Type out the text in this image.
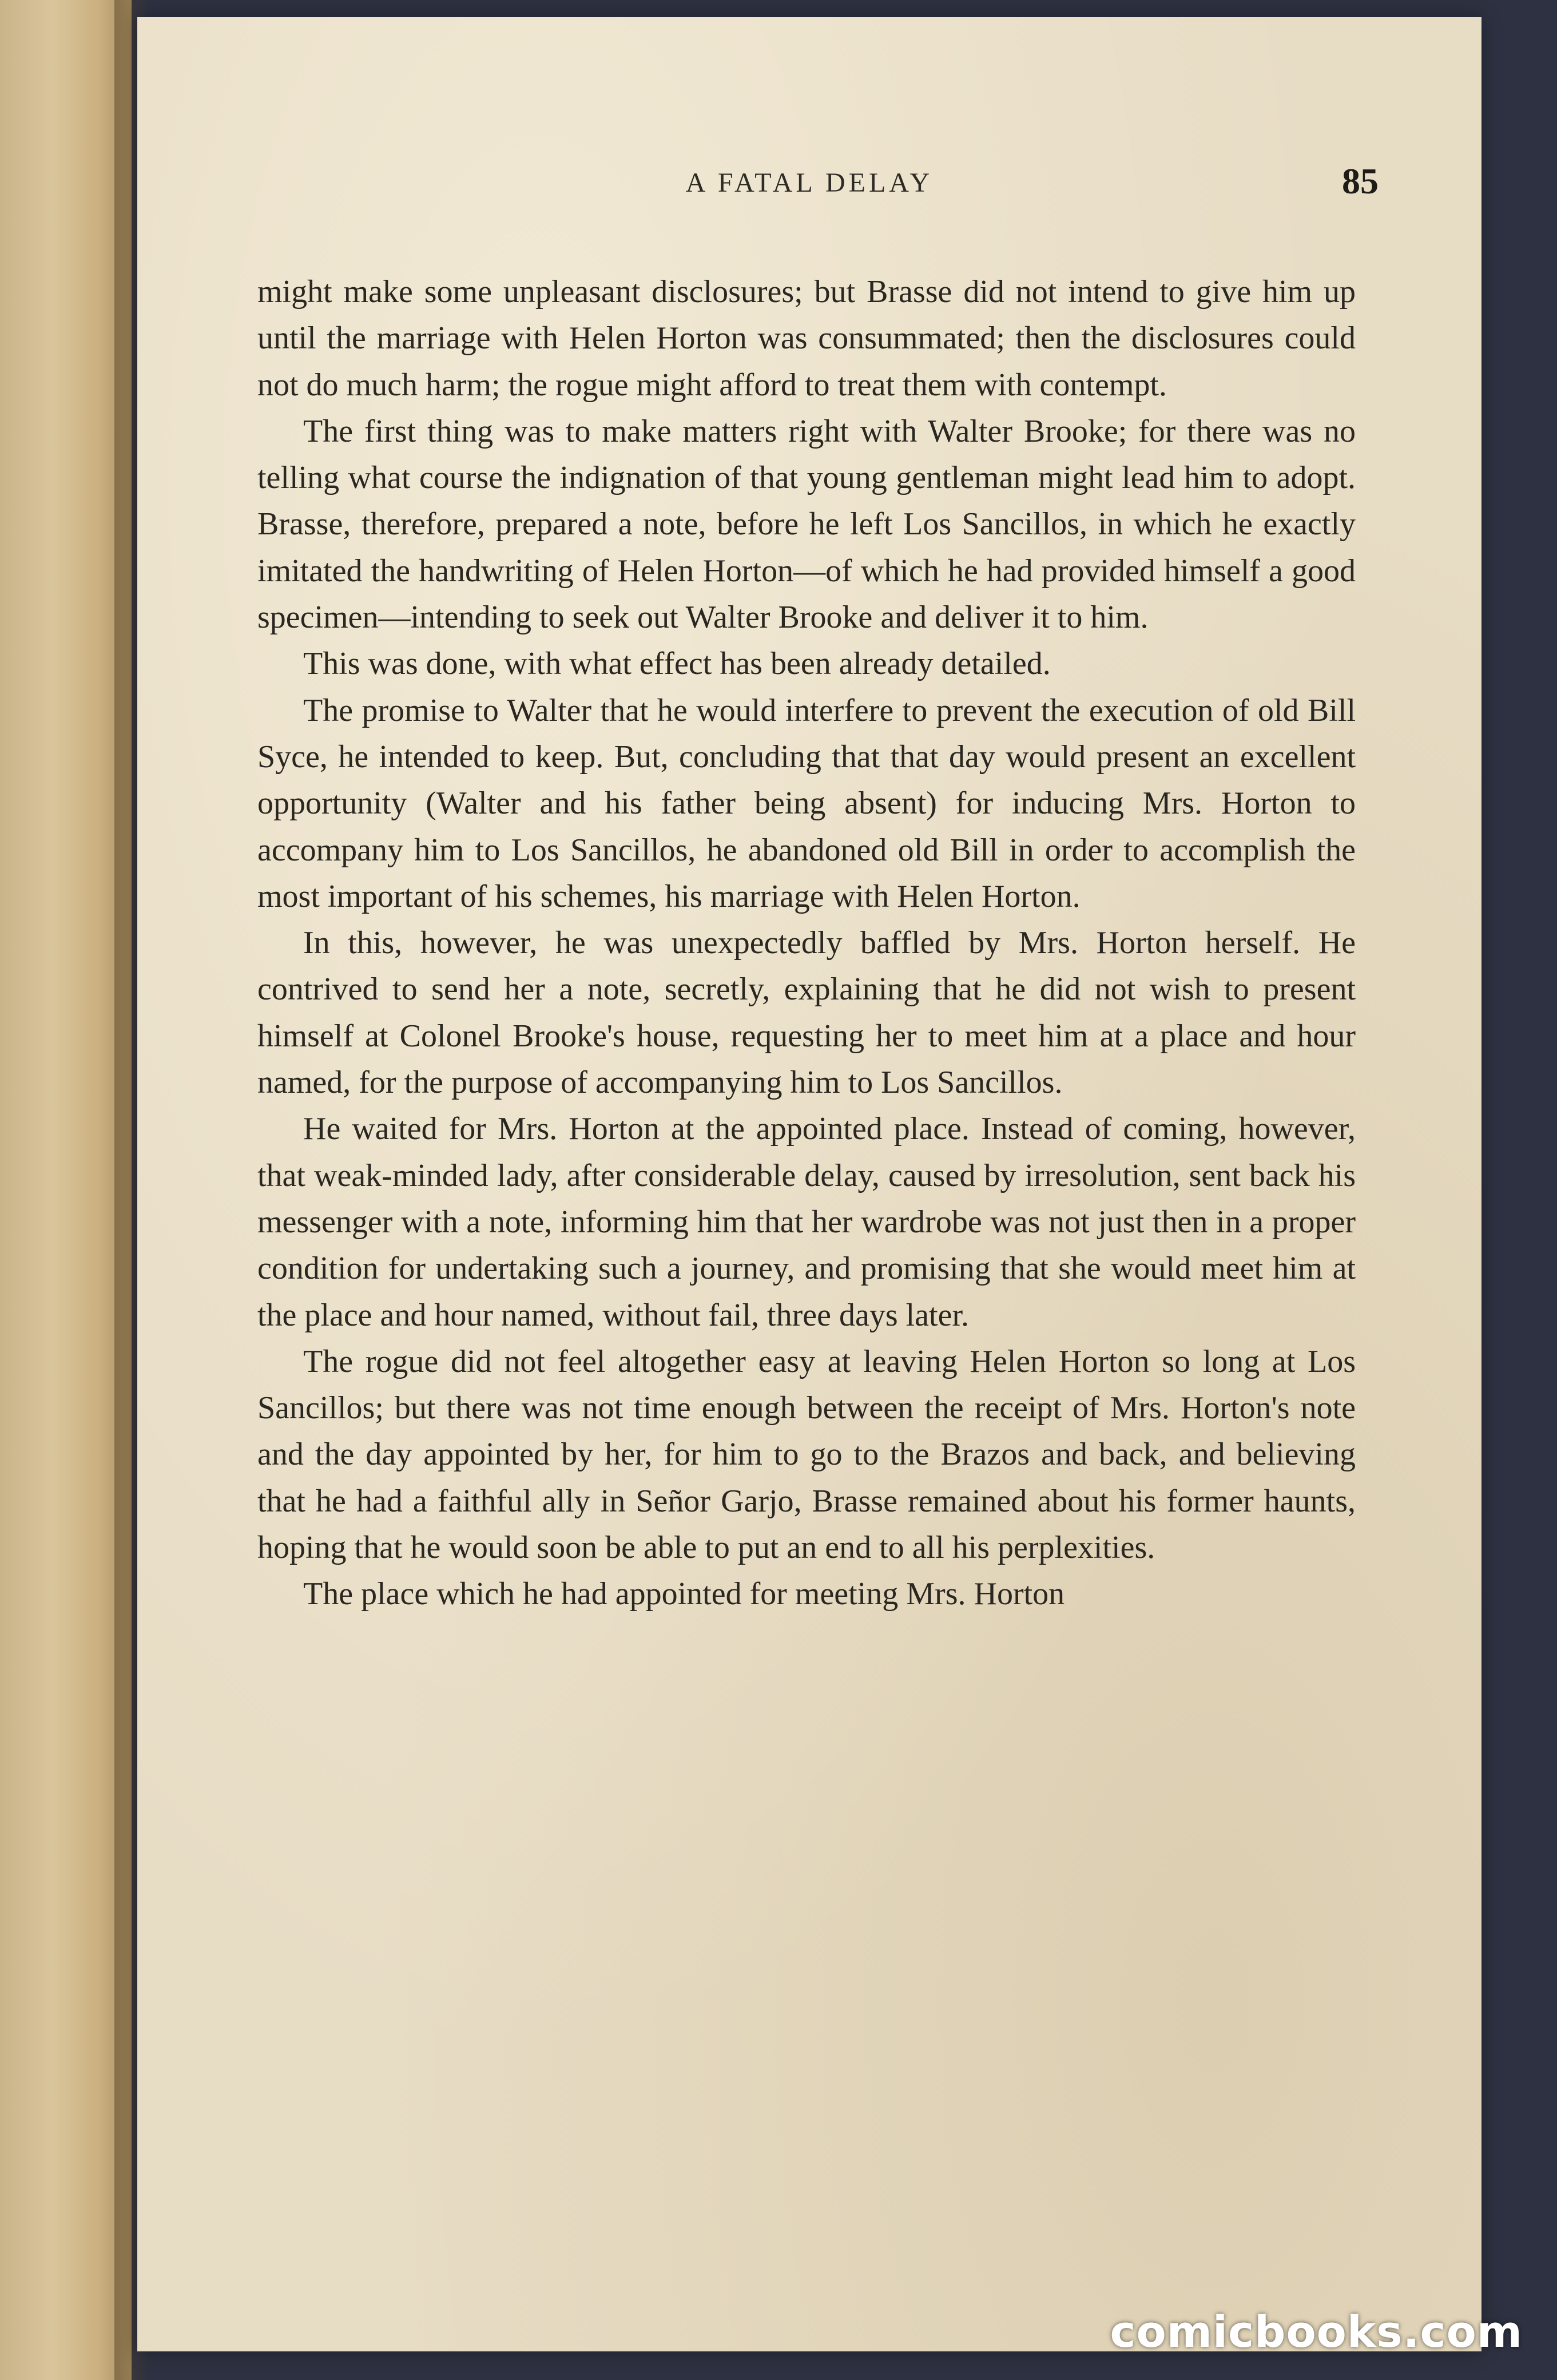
A FATAL DELAY	85

might make some unpleasant disclosures; but Brasse did not intend to give him up until the marriage with Helen Horton was consummated; then the disclosures could not do much harm; the rogue might afford to treat them with contempt.

The first thing was to make matters right with Walter Brooke; for there was no telling what course the indignation of that young gentleman might lead him to adopt. Brasse, therefore, prepared a note, before he left Los Sancillos, in which he exactly imitated the handwriting of Helen Horton—of which he had provided himself a good specimen—intending to seek out Walter Brooke and deliver it to him.

This was done, with what effect has been already detailed.

The promise to Walter that he would interfere to prevent the execution of old Bill Syce, he intended to keep. But, concluding that that day would present an excellent opportunity (Walter and his father being absent) for inducing Mrs. Horton to accompany him to Los Sancillos, he abandoned old Bill in order to accomplish the most important of his schemes, his marriage with Helen Horton.

In this, however, he was unexpectedly baffled by Mrs. Horton herself. He contrived to send her a note, secretly, explaining that he did not wish to present himself at Colonel Brooke's house, requesting her to meet him at a place and hour named, for the purpose of accompanying him to Los Sancillos.

He waited for Mrs. Horton at the appointed place. Instead of coming, however, that weak-minded lady, after considerable delay, caused by irresolution, sent back his messenger with a note, informing him that her wardrobe was not just then in a proper condition for undertaking such a journey, and promising that she would meet him at the place and hour named, without fail, three days later.

The rogue did not feel altogether easy at leaving Helen Horton so long at Los Sancillos; but there was not time enough between the receipt of Mrs. Horton's note and the day appointed by her, for him to go to the Brazos and back, and believing that he had a faithful ally in Señor Garjo, Brasse remained about his former haunts, hoping that he would soon be able to put an end to all his perplexities.

The place which he had appointed for meeting Mrs. Horton

comicbooks.com
